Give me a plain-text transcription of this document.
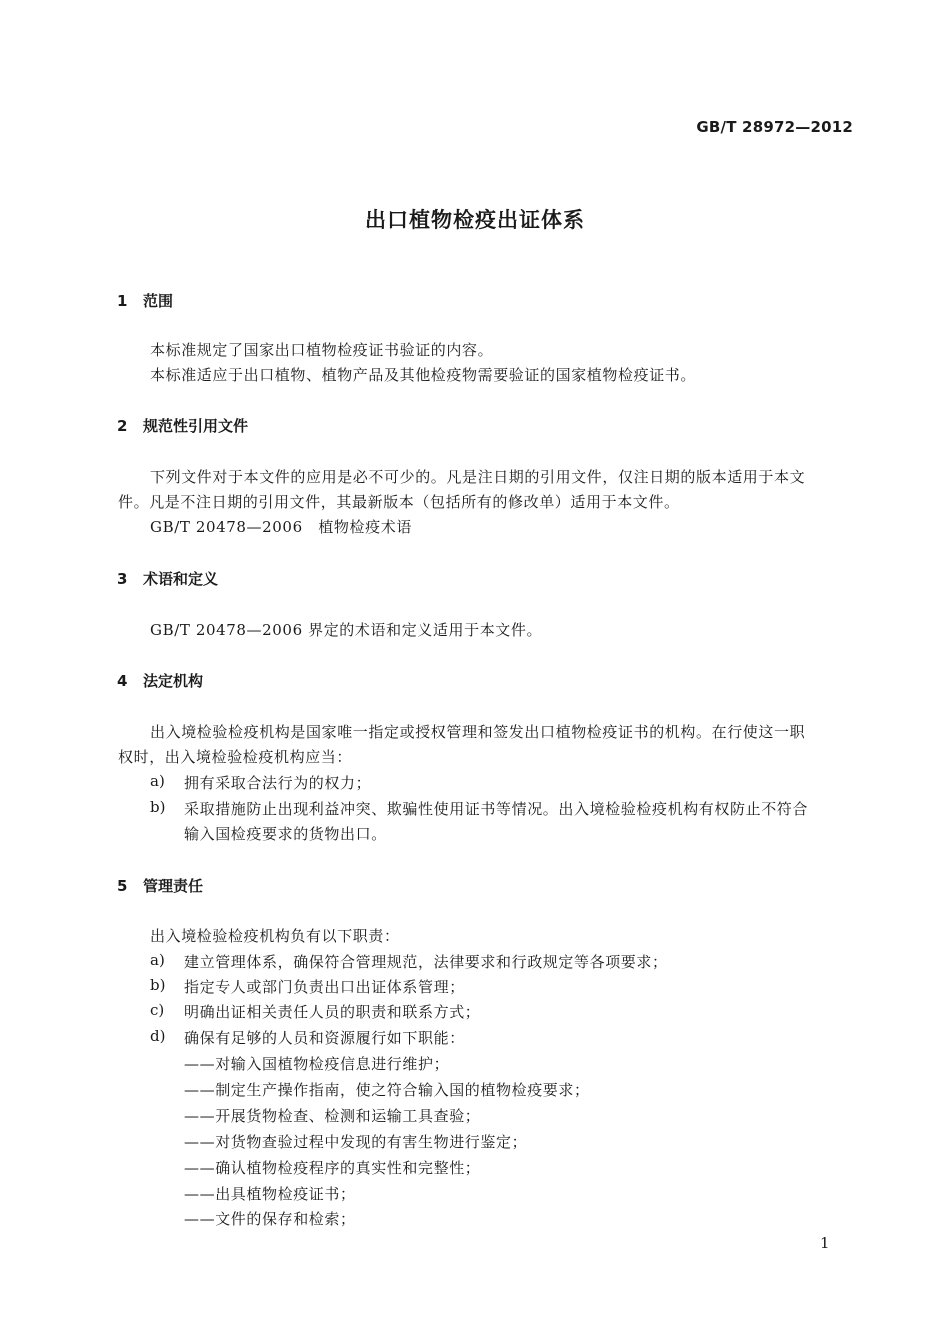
GB/T 28972—2012
出口植物检疫出证体系
1 范围
本标准规定了国家出口植物检疫证书验证的内容。
本标准适应于出口植物、植物产品及其他检疫物需要验证的国家植物检疫证书。
2 规范性引用文件
下列文件对于本文件的应用是必不可少的。凡是注日期的引用文件，仅注日期的版本适用于本文
件。凡是不注日期的引用文件，其最新版本（包括所有的修改单）适用于本文件。
GB/T 20478—2006　植物检疫术语
3 术语和定义
GB/T 20478—2006 界定的术语和定义适用于本文件。
4 法定机构
出入境检验检疫机构是国家唯一指定或授权管理和签发出口植物检疫证书的机构。在行使这一职
权时，出入境检验检疫机构应当：
a) 拥有采取合法行为的权力；
b) 采取措施防止出现利益冲突、欺骗性使用证书等情况。出入境检验检疫机构有权防止不符合
输入国检疫要求的货物出口。
5 管理责任
出入境检验检疫机构负有以下职责：
a) 建立管理体系，确保符合管理规范，法律要求和行政规定等各项要求；
b) 指定专人或部门负责出口出证体系管理；
c) 明确出证相关责任人员的职责和联系方式；
d) 确保有足够的人员和资源履行如下职能：
——对输入国植物检疫信息进行维护；
——制定生产操作指南，使之符合输入国的植物检疫要求；
——开展货物检查、检测和运输工具查验；
——对货物查验过程中发现的有害生物进行鉴定；
——确认植物检疫程序的真实性和完整性；
——出具植物检疫证书；
——文件的保存和检索；
1
